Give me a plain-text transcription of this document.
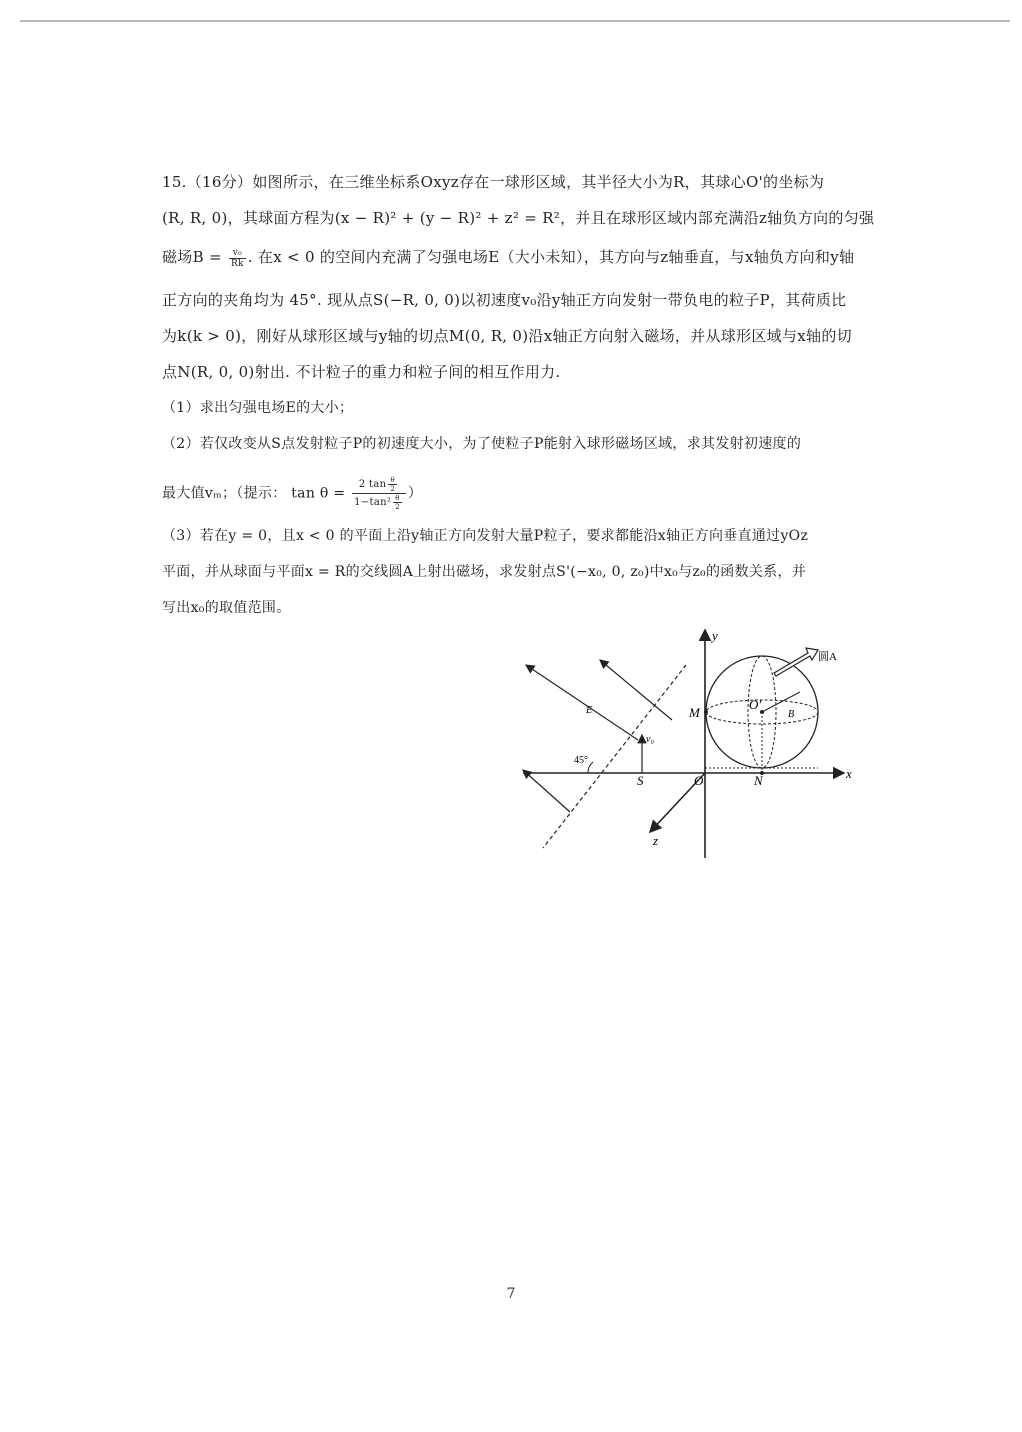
15.（16分）如图所示，在三维坐标系Oxyz存在一球形区域，其半径大小为R，其球心O'的坐标为
(R, R, 0)，其球面方程为(x − R)² + (y − R)² + z² = R²，并且在球形区域内部充满沿z轴负方向的匀强
磁场$B = \frac{\text{v₀}}{Rk}$ . 在x < 0 的空间内充满了匀强电场E（大小未知），其方向与z轴垂直，与x轴负方向和y轴
正方向的夹角均为 45°. 现从点S(−R, 0, 0)以初速度v₀沿y轴正方向发射一带负电的粒子P，其荷质比
为k(k > 0)，刚好从球形区域与y轴的切点M(0, R, 0)沿x轴正方向射入磁场，并从球形区域与x轴的切
点N(R, 0, 0)射出. 不计粒子的重力和粒子间的相互作用力.
（1）求出匀强电场E的大小；
（2）若仅改变从S点发射粒子P的初速度大小，为了使粒子P能射入球形磁场区域，求其发射初速度的
最大值vₘ；（提示： $\tan \theta = \frac{2 \tan \frac{\theta}{2}}{1-\tan^2 \frac{\theta}{2}}$ ）
（3）若在y = 0，且x < 0 的平面上沿y轴正方向发射大量P粒子，要求都能沿x轴正方向垂直通过yOz
平面，并从球面与平面x = R的交线圆A上射出磁场，求发射点S'(−x₀, 0, z₀)中x₀与z₀的函数关系，并
写出x₀的取值范围。
y
x
z
O	N
S
M
O′
B
E
v₀
45°
圆A
7
